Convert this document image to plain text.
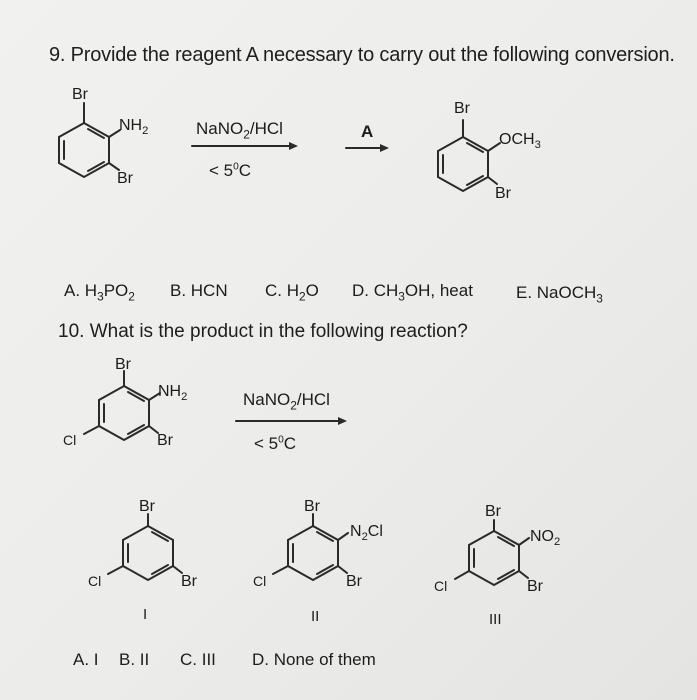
9. Provide the reagent A necessary to carry out the following conversion.
Br
$NH_2$
Br
NaNO$_2$/HCl
< $5^0C$
A
Br
$OCH_3$
Br
A. $H_3PO_2$ B. HCN C. $H_2O$ D. $CH_3OH$, heat	E. NaOCH$_3$
10. What is the product in the following reaction?
Br
$NH_2$
Cl	Br
NaNO$_2$/HCl
< $5^0C$
Br
Cl	Br
I
Br
$N_2Cl$
Cl	Br
II
Br
$NO_2$
Cl	Br
III
A. I B. II C. III D. None of them
